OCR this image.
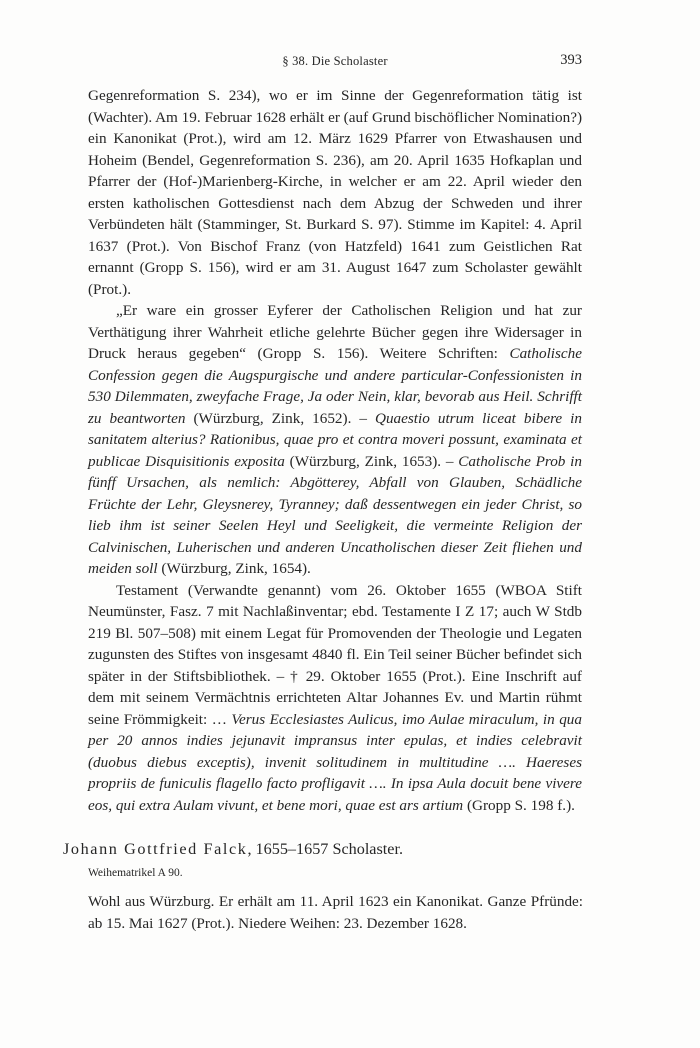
§ 38. Die Scholaster	393

Gegenreformation S. 234), wo er im Sinne der Gegenreformation tätig ist (Wachter). Am 19. Februar 1628 erhält er (auf Grund bischöflicher Nomination?) ein Kanonikat (Prot.), wird am 12. März 1629 Pfarrer von Etwashausen und Hoheim (Bendel, Gegenreformation S. 236), am 20. April 1635 Hofkaplan und Pfarrer der (Hof-)Marienberg-Kirche, in welcher er am 22. April wieder den ersten katholischen Gottesdienst nach dem Abzug der Schweden und ihrer Verbündeten hält (Stamminger, St. Burkard S. 97). Stimme im Kapitel: 4. April 1637 (Prot.). Von Bischof Franz (von Hatzfeld) 1641 zum Geistlichen Rat ernannt (Gropp S. 156), wird er am 31. August 1647 zum Scholaster gewählt (Prot.).

„Er ware ein grosser Eyferer der Catholischen Religion und hat zur Verthätigung ihrer Wahrheit etliche gelehrte Bücher gegen ihre Widersager in Druck heraus gegeben“ (Gropp S. 156). Weitere Schriften: Catholische Confession gegen die Augspurgische und andere particular-Confessionisten in 530 Dilemmaten, zweyfache Frage, Ja oder Nein, klar, bevorab aus Heil. Schrifft zu beantworten (Würzburg, Zink, 1652). – Quaestio utrum liceat bibere in sanitatem alterius? Rationibus, quae pro et contra moveri possunt, examinata et publicae Disquisitionis exposita (Würzburg, Zink, 1653). – Catholische Prob in fünff Ursachen, als nemlich: Abgötterey, Abfall von Glauben, Schädliche Früchte der Lehr, Gleysnerey, Tyranney; daß dessentwegen ein jeder Christ, so lieb ihm ist seiner Seelen Heyl und Seeligkeit, die vermeinte Religion der Calvinischen, Luherischen und anderen Uncatholischen dieser Zeit fliehen und meiden soll (Würzburg, Zink, 1654).

Testament (Verwandte genannt) vom 26. Oktober 1655 (WBOA Stift Neumünster, Fasz. 7 mit Nachlaßinventar; ebd. Testamente I Z 17; auch W Stdb 219 Bl. 507–508) mit einem Legat für Promovenden der Theologie und Legaten zugunsten des Stiftes von insgesamt 4840 fl. Ein Teil seiner Bücher befindet sich später in der Stiftsbibliothek. – † 29. Oktober 1655 (Prot.). Eine Inschrift auf dem mit seinem Vermächtnis errichteten Altar Johannes Ev. und Martin rühmt seine Frömmigkeit: … Verus Ecclesiastes Aulicus, imo Aulae miraculum, in qua per 20 annos indies jejunavit impransus inter epulas, et indies celebravit (duobus diebus exceptis), invenit solitudinem in multitudine …. Haereses propriis de funiculis flagello facto profligavit …. In ipsa Aula docuit bene vivere eos, qui extra Aulam vivunt, et bene mori, quae est ars artium (Gropp S. 198 f.).

Johann Gottfried Falck, 1655–1657 Scholaster.
Weihematrikel A 90.

Wohl aus Würzburg. Er erhält am 11. April 1623 ein Kanonikat. Ganze Pfründe: ab 15. Mai 1627 (Prot.). Niedere Weihen: 23. Dezember 1628.
